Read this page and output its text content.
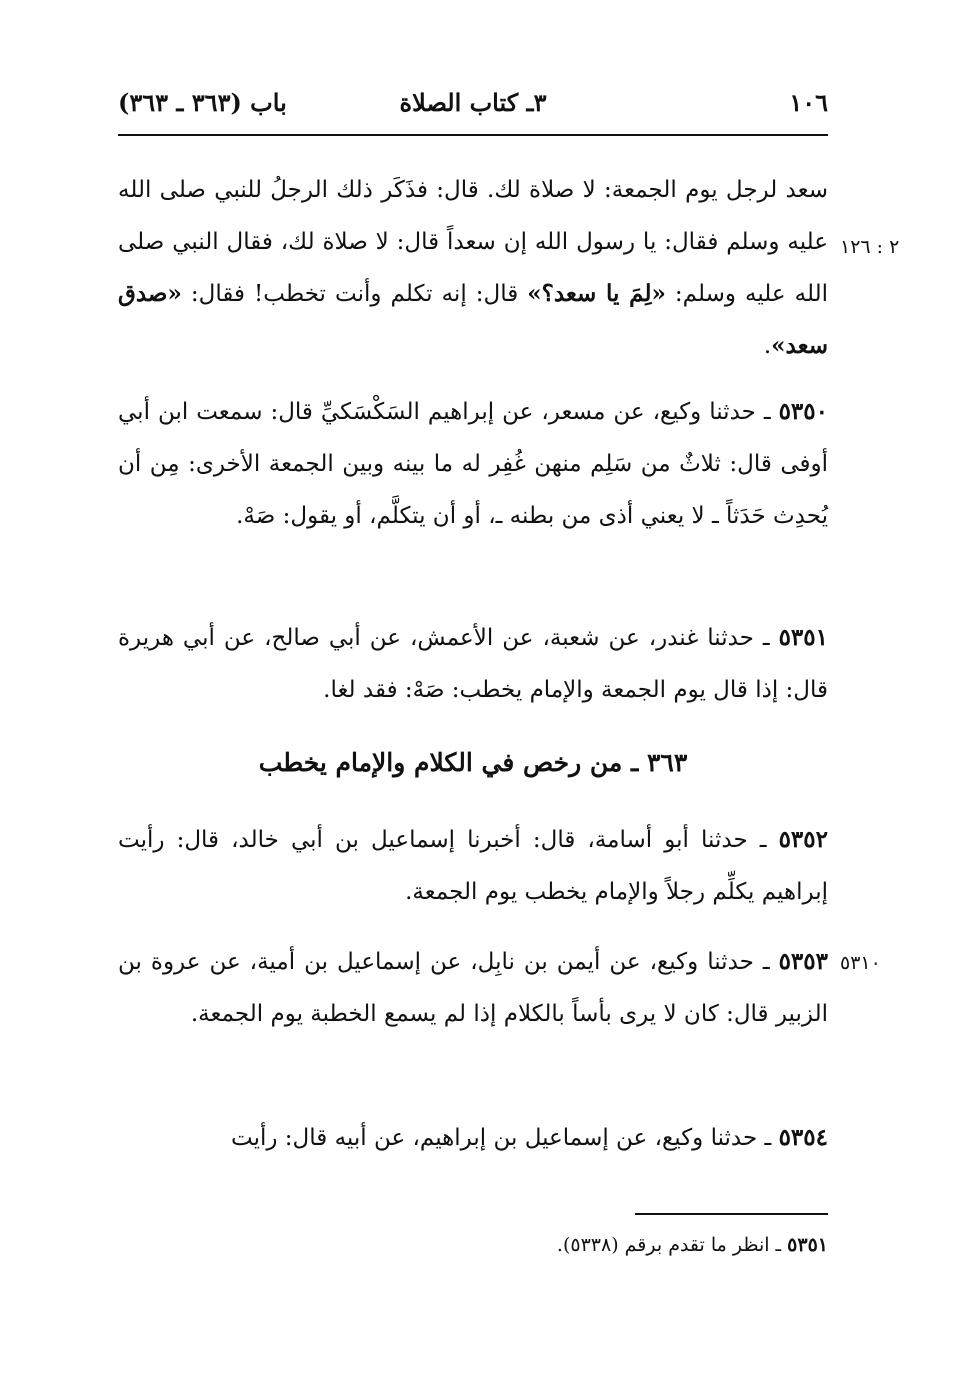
١٠٦
٣ـ كتاب الصلاة
باب (٣٦٣ ـ ٣٦٣)
٢ : ١٢٦
٥٣١٠
سعد لرجل يوم الجمعة: لا صلاة لك. قال: فذَكَر ذلك الرجلُ للنبي صلى الله عليه وسلم فقال: يا رسول الله إن سعداً قال: لا صلاة لك، فقال النبي صلى الله عليه وسلم: «لِمَ يا سعد؟» قال: إنه تكلم وأنت تخطب! فقال: «صدق سعد».
٥٣٥٠ ـ حدثنا وكيع، عن مسعر، عن إبراهيم السَكْسَكيِّ قال: سمعت ابن أبي أوفى قال: ثلاثٌ من سَلِم منهن غُفِر له ما بينه وبين الجمعة الأخرى: مِن أن يُحدِث حَدَثاً ـ لا يعني أذى من بطنه ـ، أو أن يتكلَّم، أو يقول: صَهْ.
٥٣٥١ ـ حدثنا غندر، عن شعبة، عن الأعمش، عن أبي صالح، عن أبي هريرة قال: إذا قال يوم الجمعة والإمام يخطب: صَهْ: فقد لغا.
٣٦٣ ـ من رخص في الكلام والإمام يخطب
٥٣٥٢ ـ حدثنا أبو أسامة، قال: أخبرنا إسماعيل بن أبي خالد، قال: رأيت إبراهيم يكلِّم رجلاً والإمام يخطب يوم الجمعة.
٥٣٥٣ ـ حدثنا وكيع، عن أيمن بن نابِل، عن إسماعيل بن أمية، عن عروة بن الزبير قال: كان لا يرى بأساً بالكلام إذا لم يسمع الخطبة يوم الجمعة.
٥٣٥٤ ـ حدثنا وكيع، عن إسماعيل بن إبراهيم، عن أبيه قال: رأيت
٥٣٥١ ـ انظر ما تقدم برقم (٥٣٣٨).
